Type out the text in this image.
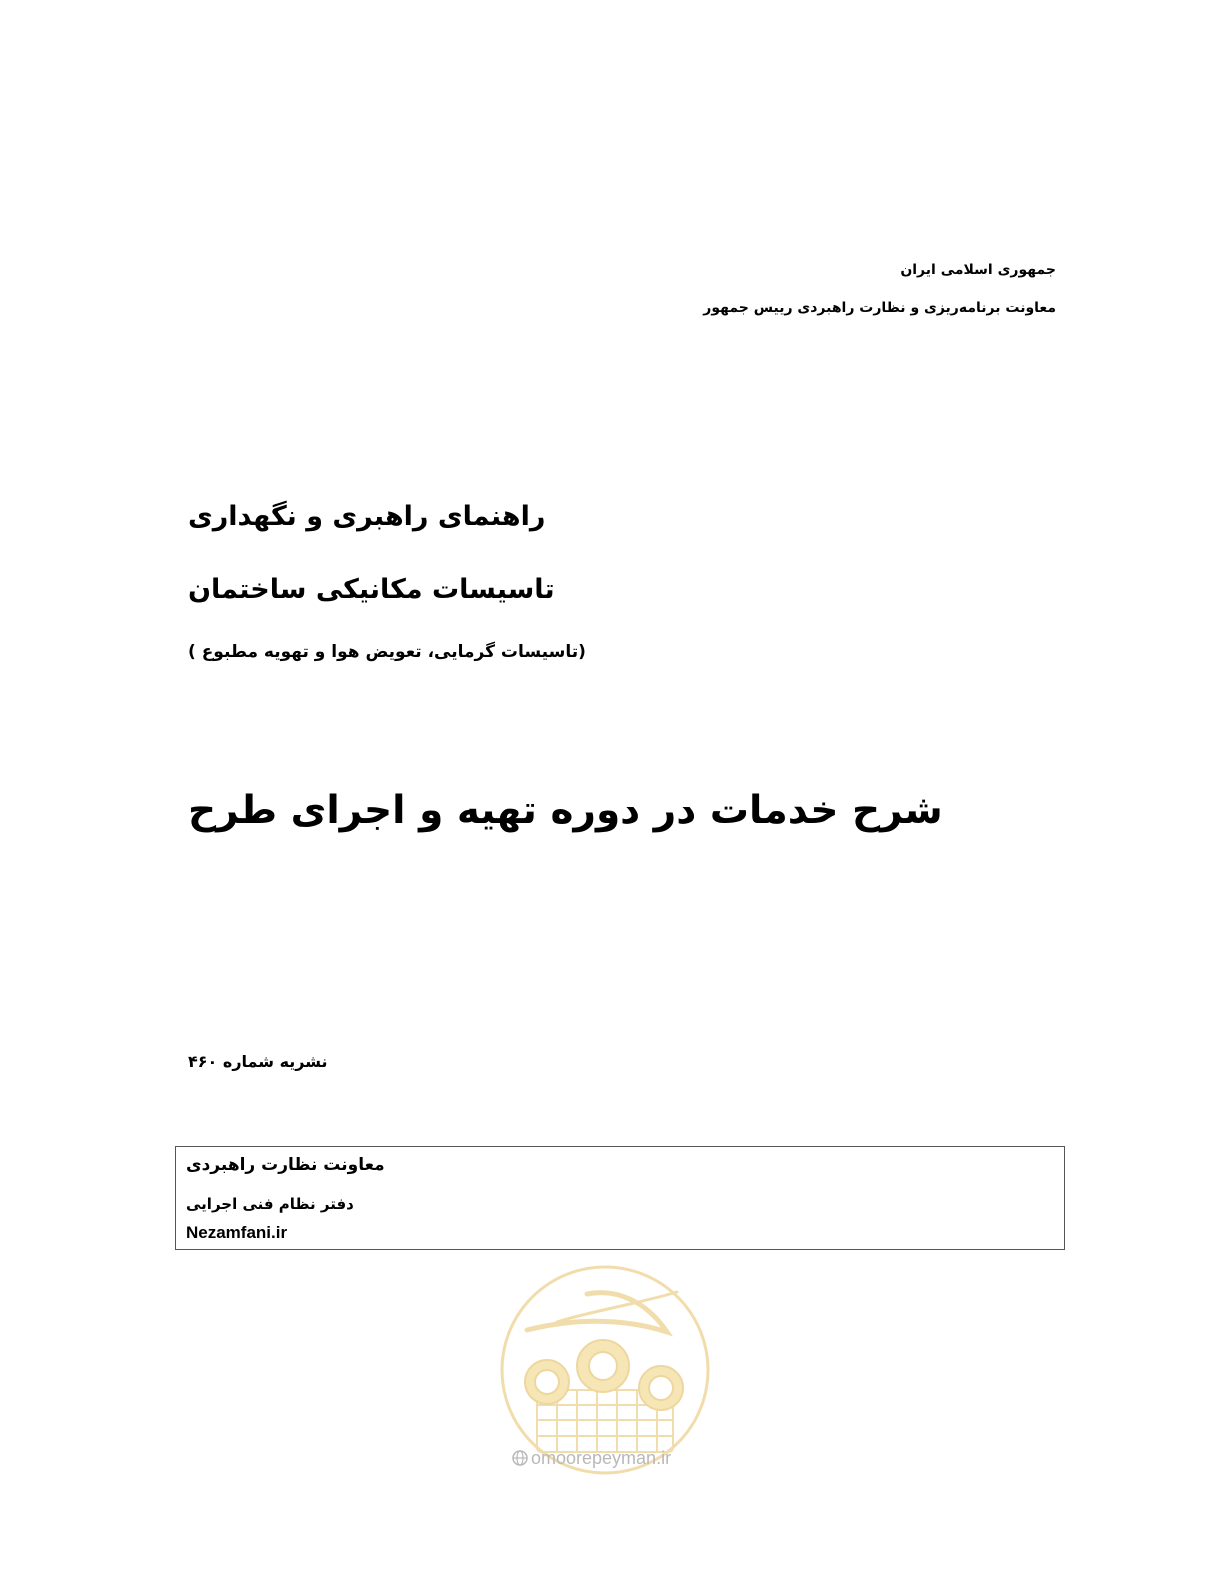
جمهوری اسلامی ایران
معاونت برنامه‌ریزی و نظارت راهبردی رییس جمهور
راهنمای راهبری و نگهداری
تاسیسات مکانیکی ساختمان
(تاسیسات گرمایی، تعویض هوا و تهویه مطبوع )
شرح خدمات در دوره تهیه و اجرای طرح
نشریه شماره ۴۶۰
معاونت نظارت راهبردی
دفتر نظام فنی اجرایی
Nezamfani.ir
omoorepeyman.ir
